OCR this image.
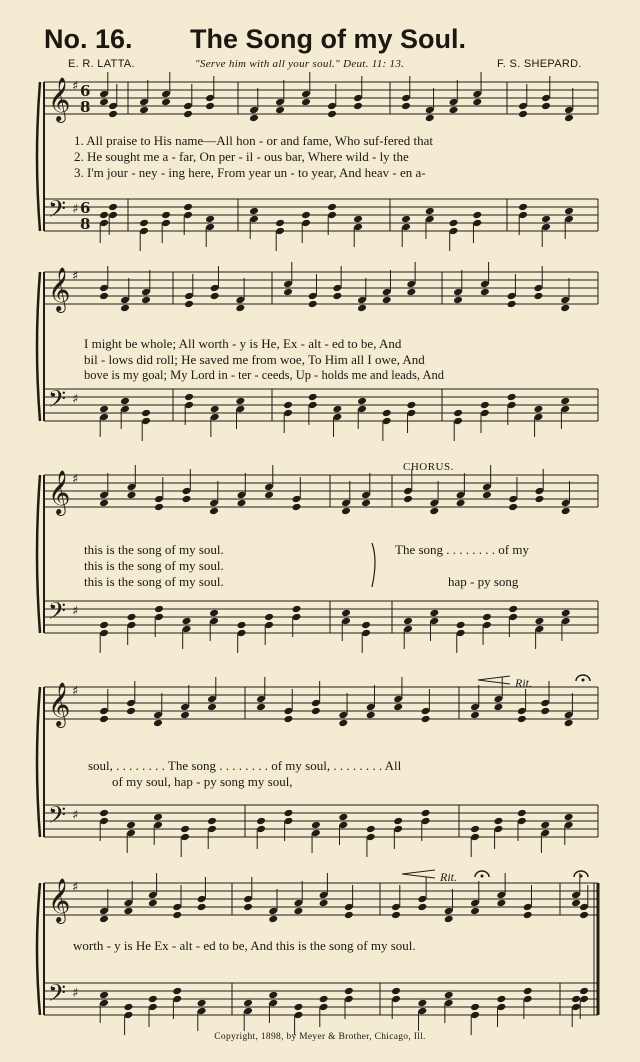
No. 16. The Song of my Soul.
E. R. LATTA.	"Serve him with all your soul." Deut. 11: 13.	F. S. SHEPARD.
𝄞 ♯
𝄢 ♯
𝄞 ♯
𝄢 ♯
𝄞 ♯
𝄢 ♯
𝄞 ♯
𝄢 ♯
𝄞 ♯
𝄢 ♯
6
8
6
8
1. All praise to His name—All hon - or and fame, Who suf-fered that
2. He sought me a - far, On per - il - ous bar, Where wild - ly the
3. I'm jour - ney - ing here, From year un - to year, And heav - en a-
I might be whole; All worth - y is He, Ex - alt - ed to be, And
bil - lows did roll; He saved me from woe, To Him all I owe, And
bove is my goal; My Lord in - ter - ceeds, Up - holds me and leads, And
CHORUS.
this is the song of my soul.
this is the song of my soul.
this is the song of my soul.
The song . . . . . . . . of my
hap - py song
Rit.
soul, . . . . . . . . The song . . . . . . . . of my soul, . . . . . . . . All
of my soul, hap - py song my soul,
Rit.
worth - y is He Ex - alt - ed to be, And this is the song of my soul.
Copyright, 1898, by Meyer & Brother, Chicago, Ill.
